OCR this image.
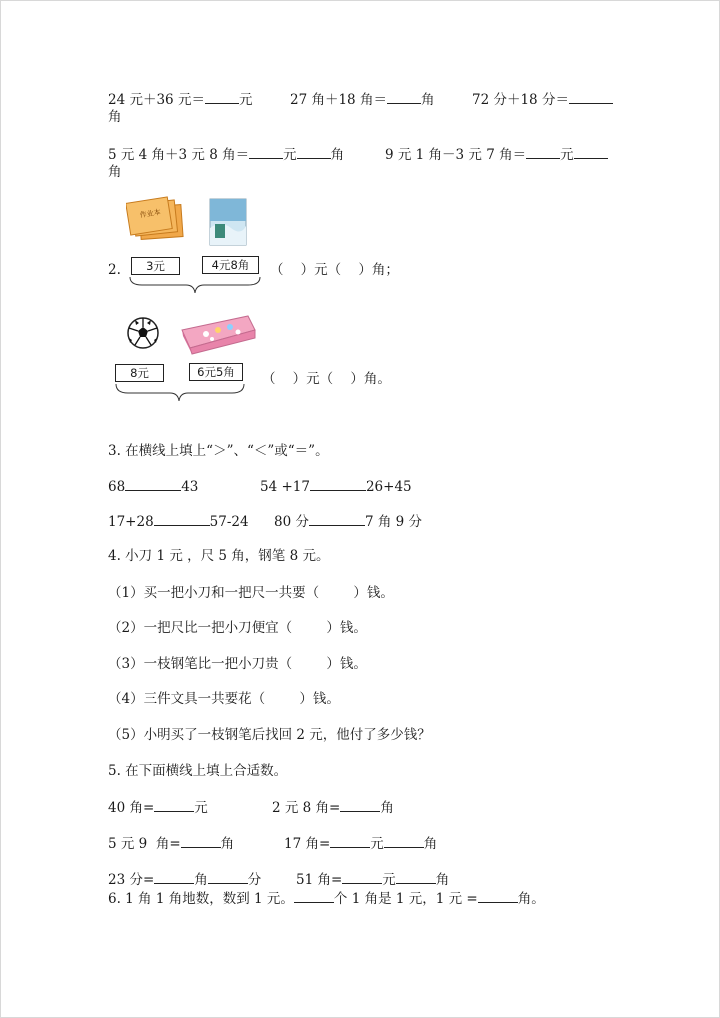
24 元＋36 元＝	元	27 角＋18 角＝	角	72 分＋18 分＝
角
5 元 4 角＋3 元 8 角＝	元	角	9 元 1 角－3 元 7 角＝	元
角
作业本
3元	4元8角
2.	（    ）元（    ）角；
8元	6元5角	（    ）元（    ）角。
3. 在横线上填上“＞”、“＜”或“＝”。
68	43	54 +17	26+45
17+28	57-24 80 分	7 角 9 分
4. 小刀 1 元 ，尺 5 角，钢笔 8 元。
（1）买一把小刀和一把尺一共要（        ）钱。
（2）一把尺比一把小刀便宜（        ）钱。
（3）一枝钢笔比一把小刀贵（        ）钱。
（4）三件文具一共要花（        ）钱。
（5）小明买了一枝钢笔后找回 2 元，他付了多少钱？
5. 在下面横线上填上合适数。
40 角=	元	2 元 8 角=	角
5 元 9  角=	角	17 角=	元	角
23 分=	角	分	51 角=	元	角
6. 1 角 1 角地数，数到 1 元。	个 1 角是 1 元，1 元 =	角。
